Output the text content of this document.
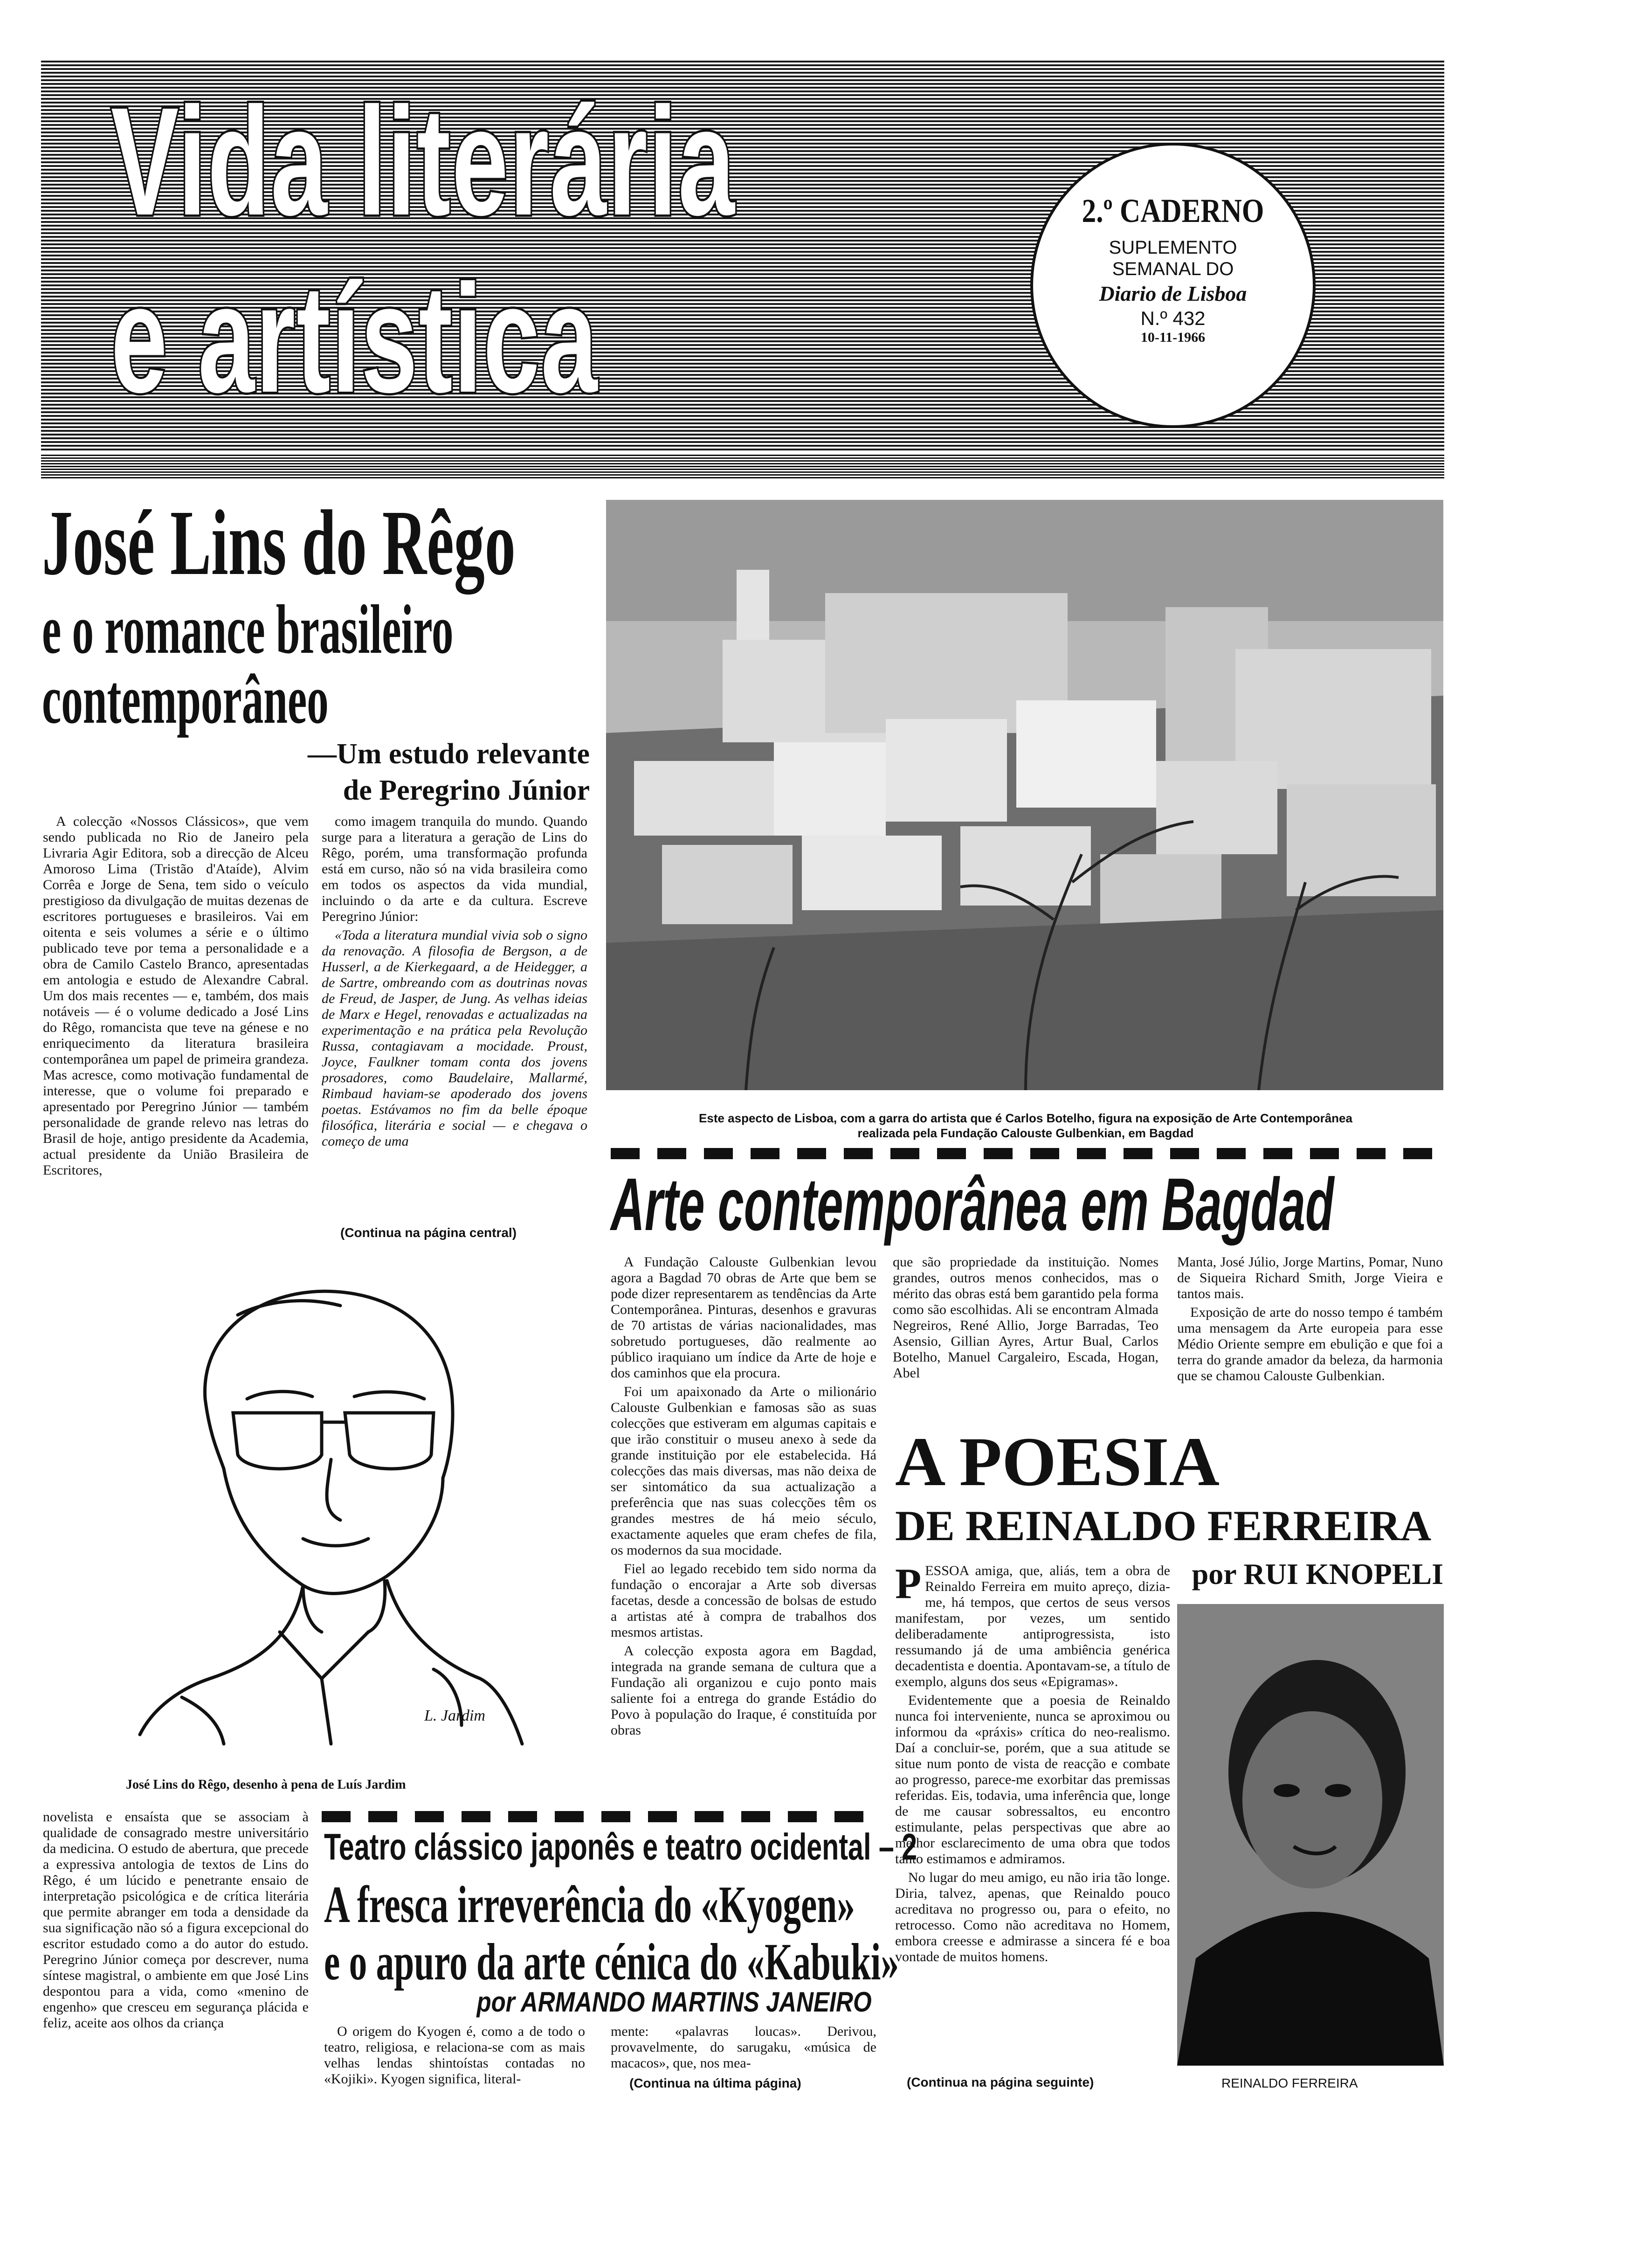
Vida literária
e artística
2.º CADERNO
SUPLEMENTO
SEMANAL DO
Diario de Lisboa
N.º 432
10-11-1966
José Lins do Rêgo
e o romance brasileiro
contemporâneo
—Um estudo relevante
de Peregrino Júnior

A colecção «Nossos Clássicos», que vem sendo publicada no Rio de Janeiro pela Livraria Agir Editora, sob a direcção de Alceu Amoroso Lima (Tristão d'Ataíde), Alvim Corrêa e Jorge de Sena, tem sido o veículo prestigioso da divulgação de muitas dezenas de escritores portugueses e brasileiros. Vai em oitenta e seis volumes a série e o último publicado teve por tema a personalidade e a obra de Camilo Castelo Branco, apresentadas em antologia e estudo de Alexandre Cabral. Um dos mais recentes — e, também, dos mais notáveis — é o volume dedicado a José Lins do Rêgo, romancista que teve na génese e no enriquecimento da literatura brasileira contemporânea um papel de primeira grandeza. Mas acresce, como motivação fundamental de interesse, que o volume foi preparado e apresentado por Peregrino Júnior — também personalidade de grande relevo nas letras do Brasil de hoje, antigo presidente da Academia, actual presidente da União Brasileira de Escritores,

como imagem tranquila do mundo. Quando surge para a literatura a geração de Lins do Rêgo, porém, uma transformação profunda está em curso, não só na vida brasileira como em todos os aspectos da vida mundial, incluindo o da arte e da cultura. Escreve Peregrino Júnior:

«Toda a literatura mundial vivia sob o signo da renovação. A filosofia de Bergson, a de Husserl, a de Kierkegaard, a de Heidegger, a de Sartre, ombreando com as doutrinas novas de Freud, de Jasper, de Jung. As velhas ideias de Marx e Hegel, renovadas e actualizadas na experimentação e na prática pela Revolução Russa, contagiavam a mocidade. Proust, Joyce, Faulkner tomam conta dos jovens prosadores, como Baudelaire, Mallarmé, Rimbaud haviam-se apoderado dos jovens poetas. Estávamos no fim da belle époque filosófica, literária e social — e chegava o começo de uma

(Continua na página central)
L. Jardim
José Lins do Rêgo, desenho à pena de Luís Jardim

novelista e ensaísta que se associam à qualidade de consagrado mestre universitário da medicina. O estudo de abertura, que precede a expressiva antologia de textos de Lins do Rêgo, é um lúcido e penetrante ensaio de interpretação psicológica e de crítica literária que permite abranger em toda a densidade da sua significação não só a figura excepcional do escritor estudado como a do autor do estudo. Peregrino Júnior começa por descrever, numa síntese magistral, o ambiente em que José Lins despontou para a vida, como «menino de engenho» que cresceu em segurança plácida e feliz, aceite aos olhos da criança

Este aspecto de Lisboa, com a garra do artista que é Carlos Botelho, figura na exposição de Arte Contemporânea
realizada pela Fundação Calouste Gulbenkian, em Bagdad
Arte contemporânea em Bagdad

A Fundação Calouste Gulbenkian levou agora a Bagdad 70 obras de Arte que bem se pode dizer representarem as tendências da Arte Contemporânea. Pinturas, desenhos e gravuras de 70 artistas de várias nacionalidades, mas sobretudo portugueses, dão realmente ao público iraquiano um índice da Arte de hoje e dos caminhos que ela procura.

Foi um apaixonado da Arte o milionário Calouste Gulbenkian e famosas são as suas colecções que estiveram em algumas capitais e que irão constituir o museu anexo à sede da grande instituição por ele estabelecida. Há colecções das mais diversas, mas não deixa de ser sintomático da sua actualização a preferência que nas suas colecções têm os grandes mestres de há meio século, exactamente aqueles que eram chefes de fila, os modernos da sua mocidade.

Fiel ao legado recebido tem sido norma da fundação o encorajar a Arte sob diversas facetas, desde a concessão de bolsas de estudo a artistas até à compra de trabalhos dos mesmos artistas.

A colecção exposta agora em Bagdad, integrada na grande semana de cultura que a Fundação ali organizou e cujo ponto mais saliente foi a entrega do grande Estádio do Povo à população do Iraque, é constituída por obras

que são propriedade da instituição. Nomes grandes, outros menos conhecidos, mas o mérito das obras está bem garantido pela forma como são escolhidas. Ali se encontram Almada Negreiros, René Allio, Jorge Barradas, Teo Asensio, Gillian Ayres, Artur Bual, Carlos Botelho, Manuel Cargaleiro, Escada, Hogan, Abel

Manta, José Júlio, Jorge Martins, Pomar, Nuno de Siqueira Richard Smith, Jorge Vieira e tantos mais.

Exposição de arte do nosso tempo é também uma mensagem da Arte europeia para esse Médio Oriente sempre em ebulição e que foi a terra do grande amador da beleza, da harmonia que se chamou Calouste Gulbenkian.

A POESIA
DE REINALDO FERREIRA
por RUI KNOPELI

PESSOA amiga, que, aliás, tem a obra de Reinaldo Ferreira em muito apreço, dizia-me, há tempos, que certos de seus versos manifestam, por vezes, um sentido deliberadamente antiprogressista, isto ressumando já de uma ambiência genérica decadentista e doentia. Apontavam-se, a título de exemplo, alguns dos seus «Epigramas».

Evidentemente que a poesia de Reinaldo nunca foi interveniente, nunca se aproximou ou informou da «práxis» crítica do neo-realismo. Daí a concluir-se, porém, que a sua atitude se situe num ponto de vista de reacção e combate ao progresso, parece-me exorbitar das premissas referidas. Eis, todavia, uma inferência que, longe de me causar sobressaltos, eu encontro estimulante, pelas perspectivas que abre ao melhor esclarecimento de uma obra que todos tanto estimamos e admiramos.

No lugar do meu amigo, eu não iria tão longe. Diria, talvez, apenas, que Reinaldo pouco acreditava no progresso ou, para o efeito, no retrocesso. Como não acreditava no Homem, embora creesse e admirasse a sincera fé e boa vontade de muitos homens.

(Continua na página seguinte)	REINALDO FERREIRA
Teatro clássico japonês e teatro ocidental – 2
A fresca irreverência do «Kyogen»
e o apuro da arte cénica do «Kabuki»
por ARMANDO MARTINS JANEIRO

O origem do Kyogen é, como a de todo o teatro, religiosa, e relaciona-se com as mais velhas lendas shintoístas contadas no «Kojiki». Kyogen significa, literal-

mente: «palavras loucas». Derivou, provavelmente, do sarugaku, «música de macacos», que, nos mea-

(Continua na última página)
